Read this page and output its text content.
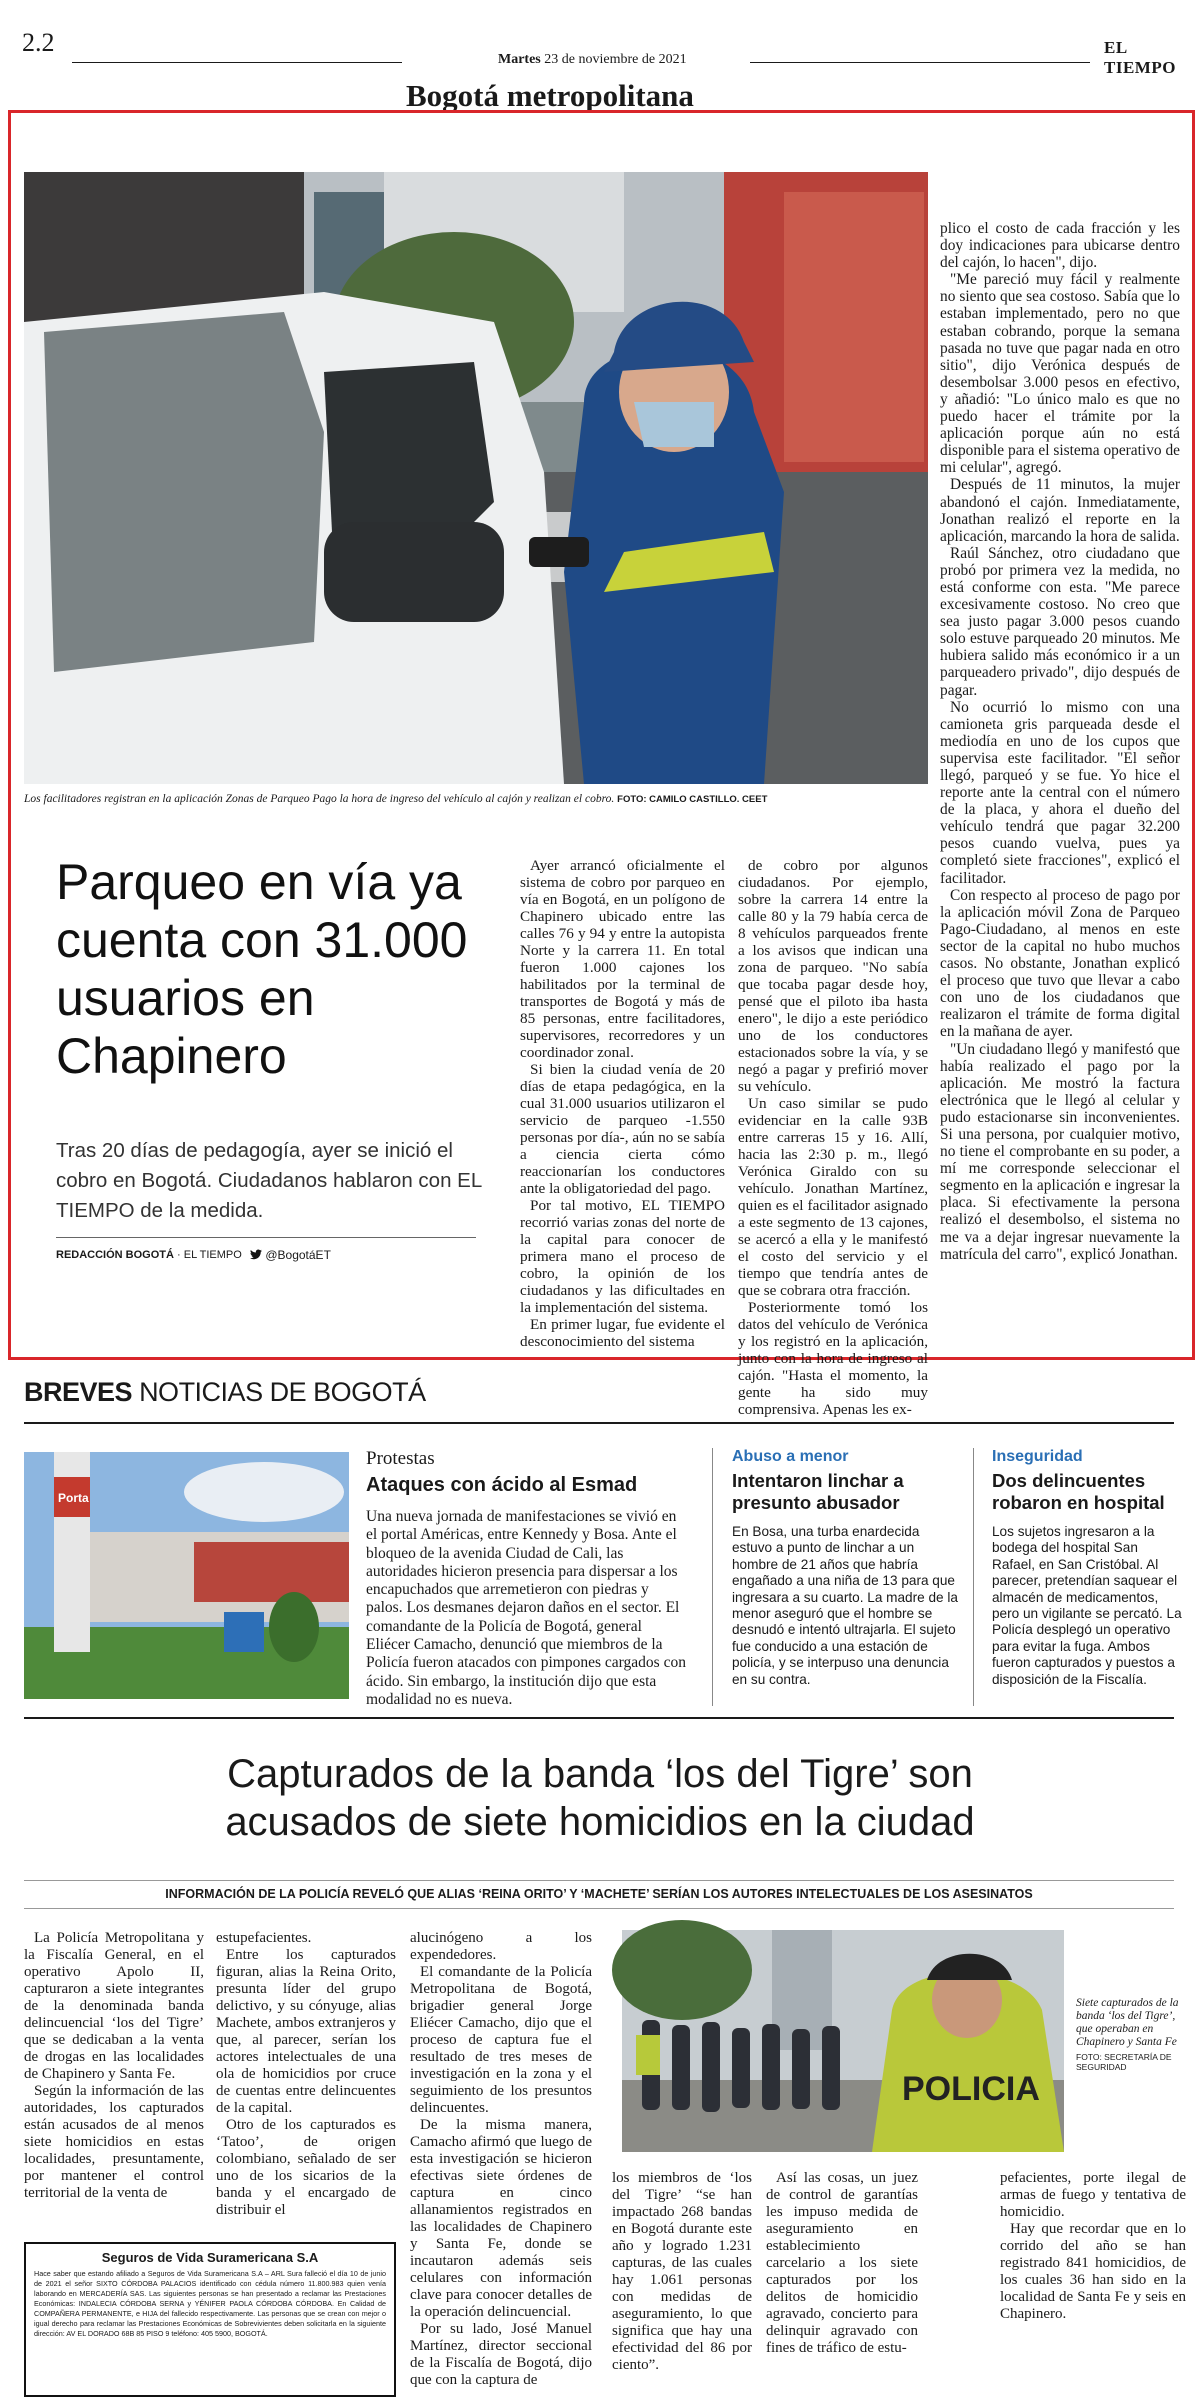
2.2
Martes 23 de noviembre de 2021
EL TIEMPO
Bogotá metropolitana
Los facilitadores registran en la aplicación Zonas de Parqueo Pago la hora de ingreso del vehículo al cajón y realizan el cobro. FOTO: CAMILO CASTILLO. CEET
Parqueo en vía ya cuenta con 31.000 usuarios en Chapinero
Tras 20 días de pedagogía, ayer se inició el cobro en Bogotá. Ciudadanos hablaron con EL TIEMPO de la medida.
REDACCIÓN BOGOTÁ · EL TIEMPO	@BogotáET

Ayer arrancó oficialmente el sistema de cobro por parqueo en vía en Bogotá, en un polígono de Chapinero ubicado entre las calles 76 y 94 y entre la autopista Norte y la carrera 11. En total fueron 1.000 cajones los habilitados por la terminal de transportes de Bogotá y más de 85 personas, entre facilitadores, supervisores, recorredores y un coordinador zonal.

Si bien la ciudad venía de 20 días de etapa pedagógica, en la cual 31.000 usuarios utilizaron el servicio de parqueo -1.550 personas por día-, aún no se sabía a ciencia cierta cómo reaccionarían los conductores ante la obligatoriedad del pago.

Por tal motivo, EL TIEMPO recorrió varias zonas del norte de la capital para conocer de primera mano el proceso de cobro, la opinión de los ciudadanos y las dificultades en la implementación del sistema.

En primer lugar, fue evidente el desconocimiento del sistema

de cobro por algunos ciudadanos. Por ejemplo, sobre la carrera 14 entre la calle 80 y la 79 había cerca de 8 vehículos parqueados frente a los avisos que indican una zona de parqueo. "No sabía que tocaba pagar desde hoy, pensé que el piloto iba hasta enero", le dijo a este periódico uno de los conductores estacionados sobre la vía, y se negó a pagar y prefirió mover su vehículo.

Un caso similar se pudo evidenciar en la calle 93B entre carreras 15 y 16. Allí, hacia las 2:30 p. m., llegó Verónica Giraldo con su vehículo. Jonathan Martínez, quien es el facilitador asignado a este segmento de 13 cajones, se acercó a ella y le manifestó el costo del servicio y el tiempo que tendría antes de que se cobrara otra fracción.

Posteriormente tomó los datos del vehículo de Verónica y los registró en la aplicación, junto con la hora de ingreso al cajón. "Hasta el momento, la gente ha sido muy comprensiva. Apenas les ex-

plico el costo de cada fracción y les doy indicaciones para ubicarse dentro del cajón, lo hacen", dijo.

"Me pareció muy fácil y realmente no siento que sea costoso. Sabía que lo estaban implementado, pero no que estaban cobrando, porque la semana pasada no tuve que pagar nada en otro sitio", dijo Verónica después de desembolsar 3.000 pesos en efectivo, y añadió: "Lo único malo es que no puedo hacer el trámite por la aplicación porque aún no está disponible para el sistema operativo de mi celular", agregó.

Después de 11 minutos, la mujer abandonó el cajón. Inmediatamente, Jonathan realizó el reporte en la aplicación, marcando la hora de salida.

Raúl Sánchez, otro ciudadano que probó por primera vez la medida, no está conforme con esta. "Me parece excesivamente costoso. No creo que sea justo pagar 3.000 pesos cuando solo estuve parqueado 20 minutos. Me hubiera salido más económico ir a un parqueadero privado", dijo después de pagar.

No ocurrió lo mismo con una camioneta gris parqueada desde el mediodía en uno de los cupos que supervisa este facilitador. "El señor llegó, parqueó y se fue. Yo hice el reporte ante la central con el número de la placa, y ahora el dueño del vehículo tendrá que pagar 32.200 pesos cuando vuelva, pues ya completó siete fracciones", explicó el facilitador.

Con respecto al proceso de pago por la aplicación móvil Zona de Parqueo Pago-Ciudadano, al menos en este sector de la capital no hubo muchos casos. No obstante, Jonathan explicó el proceso que tuvo que llevar a cabo con uno de los ciudadanos que realizaron el trámite de forma digital en la mañana de ayer.

"Un ciudadano llegó y manifestó que había realizado el pago por la aplicación. Me mostró la factura electrónica que le llegó al celular y pudo estacionarse sin inconvenientes. Si una persona, por cualquier motivo, no tiene el comprobante en su poder, a mí me corresponde seleccionar el segmento en la aplicación e ingresar la placa. Si efectivamente la persona realizó el desembolso, el sistema no me va a dejar ingresar nuevamente la matrícula del carro", explicó Jonathan.

BREVES NOTICIAS DE BOGOTÁ
Porta
Protestas
Ataques con ácido al Esmad
Una nueva jornada de manifestaciones se vivió en el portal Américas, entre Kennedy y Bosa. Ante el bloqueo de la avenida Ciudad de Cali, las autoridades hicieron presencia para dispersar a los encapuchados que arremetieron con piedras y palos. Los desmanes dejaron daños en el sector. El comandante de la Policía de Bogotá, general Eliécer Camacho, denunció que miembros de la Policía fueron atacados con pimpones cargados con ácido. Sin embargo, la institución dijo que esta modalidad no es nueva.
Abuso a menor
Intentaron linchar a presunto abusador
En Bosa, una turba enardecida estuvo a punto de linchar a un hombre de 21 años que habría engañado a una niña de 13 para que ingresara a su cuarto. La madre de la menor aseguró que el hombre se desnudó e intentó ultrajarla. El sujeto fue conducido a una estación de policía, y se interpuso una denuncia en su contra.
Inseguridad
Dos delincuentes robaron en hospital
Los sujetos ingresaron a la bodega del hospital San Rafael, en San Cristóbal. Al parecer, pretendían saquear el almacén de medicamentos, pero un vigilante se percató. La Policía desplegó un operativo para evitar la fuga. Ambos fueron capturados y puestos a disposición de la Fiscalía.
Capturados de la banda ‘los del Tigre’ son acusados de siete homicidios en la ciudad
INFORMACIÓN DE LA POLICÍA REVELÓ QUE ALIAS ‘REINA ORITO’ Y ‘MACHETE’ SERÍAN LOS AUTORES INTELECTUALES DE LOS ASESINATOS

La Policía Metropolitana y la Fiscalía General, en el operativo Apolo II, capturaron a siete integrantes de la denominada banda delincuencial ‘los del Tigre’ que se dedicaban a la venta de drogas en las localidades de Chapinero y Santa Fe.

Según la información de las autoridades, los capturados están acusados de al menos siete homicidios en estas localidades, presuntamente, por mantener el control territorial de la venta de

estupefacientes.

Entre los capturados figuran, alias la Reina Orito, presunta líder del grupo delictivo, y su cónyuge, alias Machete, ambos extranjeros y que, al parecer, serían los actores intelectuales de una ola de homicidios por cruce de cuentas entre delincuentes de la capital.

Otro de los capturados es ‘Tatoo’, de origen colombiano, señalado de ser uno de los sicarios de la banda y el encargado de distribuir el

alucinógeno a los expendedores.

El comandante de la Policía Metropolitana de Bogotá, brigadier general Jorge Eliécer Camacho, dijo que el proceso de captura fue el resultado de tres meses de investigación en la zona y el seguimiento de los presuntos delincuentes.

De la misma manera, Camacho afirmó que luego de esta investigación se hicieron efectivas siete órdenes de captura en cinco allanamientos registrados en las localidades de Chapinero y Santa Fe, donde se incautaron además seis celulares con información clave para conocer detalles de la operación delincuencial.

Por su lado, José Manuel Martínez, director seccional de la Fiscalía de Bogotá, dijo que con la captura de

POLICIA
Siete capturados de la banda ‘los del Tigre’, que operaban en Chapinero y Santa Fe
FOTO: SECRETARÍA DE SEGURIDAD

los miembros de ‘los del Tigre’ “se han impactado 268 bandas en Bogotá durante este año y logrado 1.231 capturas, de las cuales hay 1.061 personas con medidas de aseguramiento, lo que significa que hay una efectividad del 86 por ciento”.

Así las cosas, un juez de control de garantías les impuso medida de aseguramiento en establecimiento carcelario a los siete capturados por los delitos de homicidio agravado, concierto para delinquir agravado con fines de tráfico de estu-

pefacientes, porte ilegal de armas de fuego y tentativa de homicidio.

Hay que recordar que en lo corrido del año se han registrado 841 homicidios, de los cuales 36 han sido en la localidad de Santa Fe y seis en Chapinero.

Seguros de Vida Suramericana S.A
Hace saber que estando afiliado a Seguros de Vida Suramericana S.A – ARL Sura falleció el día 10 de junio de 2021 el señor SIXTO CÓRDOBA PALACIOS identificado con cédula número 11.800.983 quien venía laborando en MERCADERÍA SAS. Las siguientes personas se han presentado a reclamar las Prestaciones Económicas: INDALECIA CÓRDOBA SERNA y YÉNIFER PAOLA CÓRDOBA CÓRDOBA. En Calidad de COMPAÑERA PERMANENTE, e HIJA del fallecido respectivamente. Las personas que se crean con mejor o igual derecho para reclamar las Prestaciones Económicas de Sobrevivientes deben solicitarla en la siguiente dirección: AV EL DORADO 68B 85 PISO 9 teléfono: 405 5900, BOGOTÁ.
